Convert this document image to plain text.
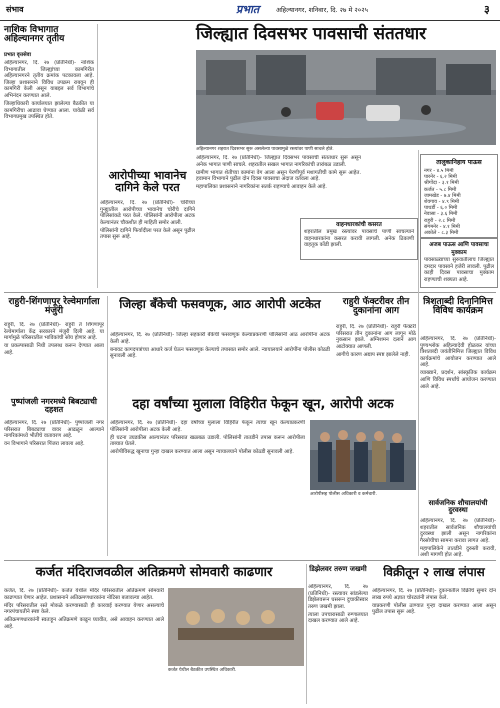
संभाव	प्रभात	अहिल्यानगर, शनिवार, दि. २७ मे २०२५	३
नाशिक विभागात अहिल्यानगर तृतीय
प्रभात वृत्तसेवा

अहिल्यानगर, दि. २७ (प्रतिनिधी)- नाशिक विभागातील जिल्ह्यांच्या कामगिरीत अहिल्यानगरने तृतीय क्रमांक पटकावला आहे. जिल्हा प्रशासनाने विविध उपक्रम राबवून ही कामगिरी केली असून याबद्दल सर्व विभागांचे अभिनंदन करण्यात आले.

जिल्हाधिकारी कार्यालयात झालेल्या बैठकीत या कामगिरीचा आढावा घेण्यात आला. यावेळी सर्व विभागप्रमुख उपस्थित होते.

जिल्ह्यात दिवसभर पावसाची संततधार
अहिल्यानगर शहरात दिवसभर सुरू असलेल्या पावसामुळे रस्त्यांवर पाणी साचले होते.

अहिल्यानगर, दि. २७ (प्रतिनिधी)- जिल्ह्यात दिवसभर पावसाची संततधार सुरू असून अनेक भागात पाणी साचले. शहरातील सखल भागात नागरिकांची तारांबळ उडाली.

ग्रामीण भागात शेतीच्या कामांना वेग आला असून पेरणीपूर्व मशागतीची कामे सुरू आहेत. हवामान विभागाने पुढील दोन दिवस पावसाचा अंदाज वर्तवला आहे.

महापालिका प्रशासनाने नागरिकांना सतर्क राहण्याचे आवाहन केले आहे.

तालुकानिहाय पाऊस
नगर - ४.५ मिमी
पारनेर - ६.२ मिमी
श्रीगोंदा - ३.१ मिमी
कर्जत - ५.८ मिमी
जामखेड - ७.४ मिमी
शेवगाव - ४.९ मिमी
पाथर्डी - ६.० मिमी
नेवासा - ३.६ मिमी
राहुरी - २.८ मिमी
संगमनेर - ४.१ मिमी
अकोले - ८.३ मिमी
वाहनधारकांची कसरत
शहरातील प्रमुख रस्त्यांवर पावसाचे पाणी साचल्याने वाहनधारकांना कसरत करावी लागली. अनेक ठिकाणी वाहतूक कोंडी झाली.	अजब पाऊस आणि पावसाचा मुक्काम
पावसाळ्याच्या सुरुवातीलाच जिल्ह्यात दमदार पावसाने हजेरी लावली. पुढील काही दिवस पावसाचा मुक्काम राहण्याची शक्यता आहे.
आरोपीच्या भावानेच दागिने केले परत

अहिल्यानगर, दि. २७ (प्रतिनिधी)- चोरीच्या गुन्ह्यातील आरोपीच्या भावानेच चोरीचे दागिने पोलिसांकडे परत केले. पोलिसांनी आरोपीला अटक केल्यानंतर चौकशीत ही माहिती समोर आली.

पोलिसांनी दागिने फिर्यादीला परत केले असून पुढील तपास सुरू आहे.

राहुरी-शिंगणापूर रेल्वेमार्गाला मंजुरी

राहुरी, दि. २७ (प्रतिनिधी)- राहुरी ते शिंगणापूर रेल्वेमार्गाला केंद्र सरकारने मंजुरी दिली आहे. या मार्गामुळे परिसरातील भाविकांची सोय होणार आहे.

या प्रकल्पासाठी निधी उपलब्ध करून देण्यात आला आहे.

जिल्हा बँकेची फसवणूक, आठ आरोपी अटकेत

अहिल्यानगर, दि. २७ (प्रतिनिधी)- जिल्हा सहकारी बँकेची फसवणूक केल्याप्रकरणी पोलिसांनी आठ आरोपींना अटक केली आहे.

बनावट कागदपत्रांच्या आधारे कर्ज घेऊन फसवणूक केल्याचे तपासात समोर आले. न्यायालयाने आरोपींना पोलीस कोठडी सुनावली आहे.

राहुरी फॅक्टरीवर तीन दुकानांना आग

राहुरी, दि. २७ (प्रतिनिधी)- राहुरी फॅक्टरी परिसरात तीन दुकानांना आग लागून मोठे नुकसान झाले. अग्निशमन दलाने आग आटोक्यात आणली.

आगीचे कारण अद्याप स्पष्ट झालेले नाही.

त्रिशताब्दी दिनानिमित्त विविध कार्यक्रम

अहिल्यानगर, दि. २७ (प्रतिनिधी)- पुण्यश्लोक अहिल्यादेवी होळकर यांच्या त्रिशताब्दी जयंतीनिमित्त जिल्ह्यात विविध कार्यक्रमांचे आयोजन करण्यात आले आहे.

व्याख्याने, प्रदर्शन, सांस्कृतिक कार्यक्रम आणि विविध स्पर्धांचे आयोजन करण्यात आले आहे.

पुष्पांजली नगरमध्ये बिबट्याची दहशत

अहिल्यानगर, दि. २७ (प्रतिनिधी)- पुष्पांजली नगर परिसरात बिबट्याचा वावर आढळून आल्याने नागरिकांमध्ये भीतीचे वातावरण आहे.

वन विभागाने परिसरात पिंजरा लावला आहे.

दहा वर्षांच्या मुलाला विहिरीत फेकून खून, आरोपी अटक

अहिल्यानगर, दि. २७ (प्रतिनिधी)- दहा वर्षांच्या मुलाला विहिरीत फेकून त्याचा खून केल्याप्रकरणी पोलिसांनी आरोपीला अटक केली आहे.

ही घटना उघडकीस आल्यानंतर परिसरात खळबळ उडाली. पोलिसांनी तातडीने तपास करून आरोपीला ताब्यात घेतले.

आरोपीविरुद्ध खुनाचा गुन्हा दाखल करण्यात आला असून न्यायालयाने पोलीस कोठडी सुनावली आहे.

आरोपीसह पोलीस अधिकारी व कर्मचारी.
सार्वजनिक शौचालयांची दुरवस्था

अहिल्यानगर, दि. २७ (प्रतिनिधी)- शहरातील सार्वजनिक शौचालयांची दुरवस्था झाली असून नागरिकांना गैरसोयीचा सामना करावा लागत आहे.

महापालिकेने तातडीने दुरुस्ती करावी, अशी मागणी होत आहे.

कर्जत मंदिराजवळील अतिक्रमणे सोमवारी काढणार

कर्जत, दि. २७ (प्रतिनिधी)- कर्जत येथील मंदिर परिसरातील अतिक्रमणे सोमवारी काढण्यात येणार आहेत. प्रशासनाने अतिक्रमणधारकांना नोटिसा बजावल्या आहेत.

मंदिर परिसरातील रस्ते मोकळे करण्यासाठी ही कारवाई करण्यात येणार असल्याचे नगरपंचायतीने स्पष्ट केले.

अतिक्रमणधारकांनी स्वतःहून अतिक्रमणे काढून घ्यावीत, असे आवाहन करण्यात आले आहे.

कर्जत येथील बैठकीत उपस्थित अधिकारी.
डिझेलवर तरुण जखमी

अहिल्यानगर, दि. २७ (प्रतिनिधी)- रस्त्यावर सांडलेल्या डिझेलवरून घसरून दुचाकीस्वार तरुण जखमी झाला.

त्याला उपचारासाठी रुग्णालयात दाखल करण्यात आले आहे.

विक्रीतून २ लाख लंपास

अहिल्यानगर, दि. २७ (प्रतिनिधी)- दुकानातील विक्रीचे सुमारे दोन लाख रुपये अज्ञात चोरट्यांनी लंपास केले.

याप्रकरणी पोलीस ठाण्यात गुन्हा दाखल करण्यात आला असून पुढील तपास सुरू आहे.
